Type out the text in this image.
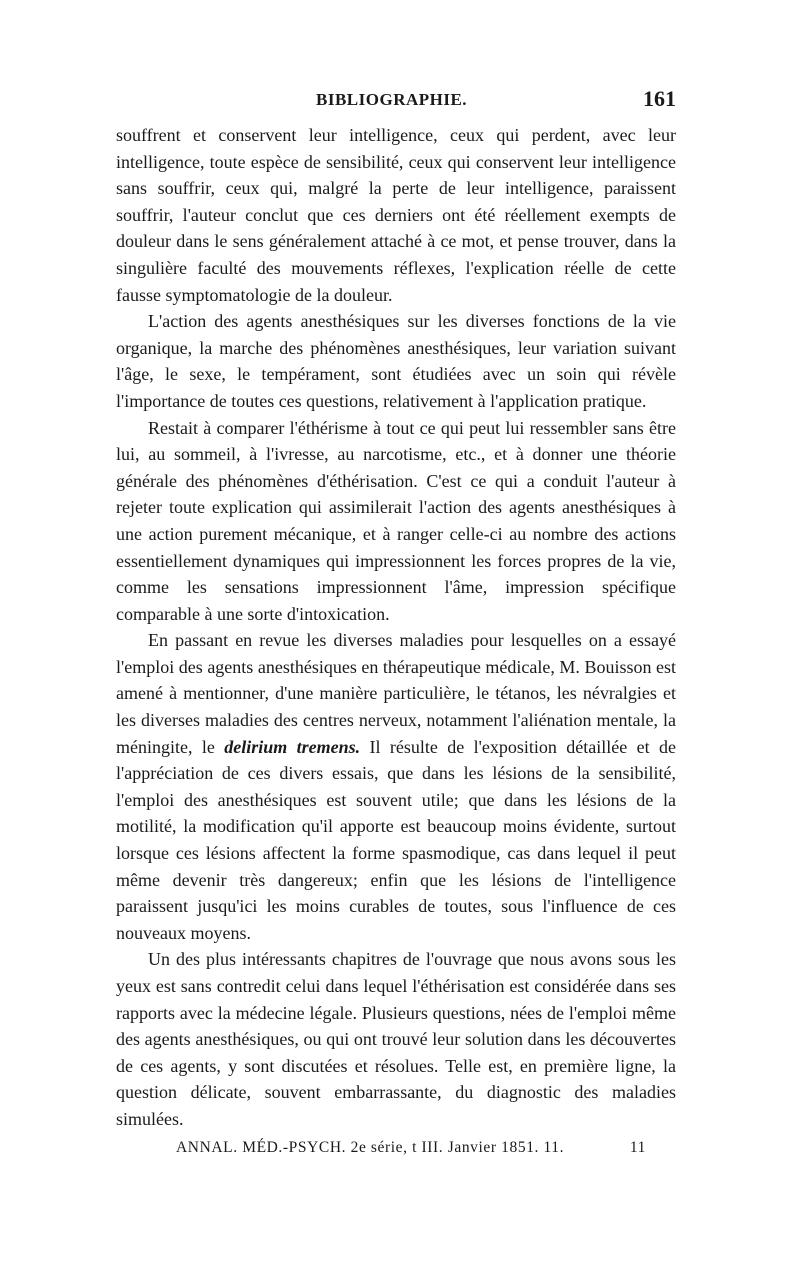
BIBLIOGRAPHIE.	161

souffrent et conservent leur intelligence, ceux qui perdent, avec leur intelligence, toute espèce de sensibilité, ceux qui conservent leur intelligence sans souffrir, ceux qui, malgré la perte de leur intelligence, paraissent souffrir, l'auteur conclut que ces derniers ont été réellement exempts de douleur dans le sens généralement attaché à ce mot, et pense trouver, dans la singulière faculté des mouvements réflexes, l'explication réelle de cette fausse symptomatologie de la douleur.

L'action des agents anesthésiques sur les diverses fonctions de la vie organique, la marche des phénomènes anesthésiques, leur variation suivant l'âge, le sexe, le tempérament, sont étudiées avec un soin qui révèle l'importance de toutes ces questions, relativement à l'application pratique.

Restait à comparer l'éthérisme à tout ce qui peut lui ressembler sans être lui, au sommeil, à l'ivresse, au narcotisme, etc., et à donner une théorie générale des phénomènes d'éthérisation. C'est ce qui a conduit l'auteur à rejeter toute explication qui assimilerait l'action des agents anesthésiques à une action purement mécanique, et à ranger celle-ci au nombre des actions essentiellement dynamiques qui impressionnent les forces propres de la vie, comme les sensations impressionnent l'âme, impression spécifique comparable à une sorte d'intoxication.

En passant en revue les diverses maladies pour lesquelles on a essayé l'emploi des agents anesthésiques en thérapeutique médicale, M. Bouisson est amené à mentionner, d'une manière particulière, le tétanos, les névralgies et les diverses maladies des centres nerveux, notamment l'aliénation mentale, la méningite, le delirium tremens. Il résulte de l'exposition détaillée et de l'appréciation de ces divers essais, que dans les lésions de la sensibilité, l'emploi des anesthésiques est souvent utile; que dans les lésions de la motilité, la modification qu'il apporte est beaucoup moins évidente, surtout lorsque ces lésions affectent la forme spasmodique, cas dans lequel il peut même devenir très dangereux; enfin que les lésions de l'intelligence paraissent jusqu'ici les moins curables de toutes, sous l'influence de ces nouveaux moyens.

Un des plus intéressants chapitres de l'ouvrage que nous avons sous les yeux est sans contredit celui dans lequel l'éthérisation est considérée dans ses rapports avec la médecine légale. Plusieurs questions, nées de l'emploi même des agents anesthésiques, ou qui ont trouvé leur solution dans les découvertes de ces agents, y sont discutées et résolues. Telle est, en première ligne, la question délicate, souvent embarrassante, du diagnostic des maladies simulées.

ANNAL. MÉD.-PSYCH. 2e série, t III. Janvier 1851. 11.	11
